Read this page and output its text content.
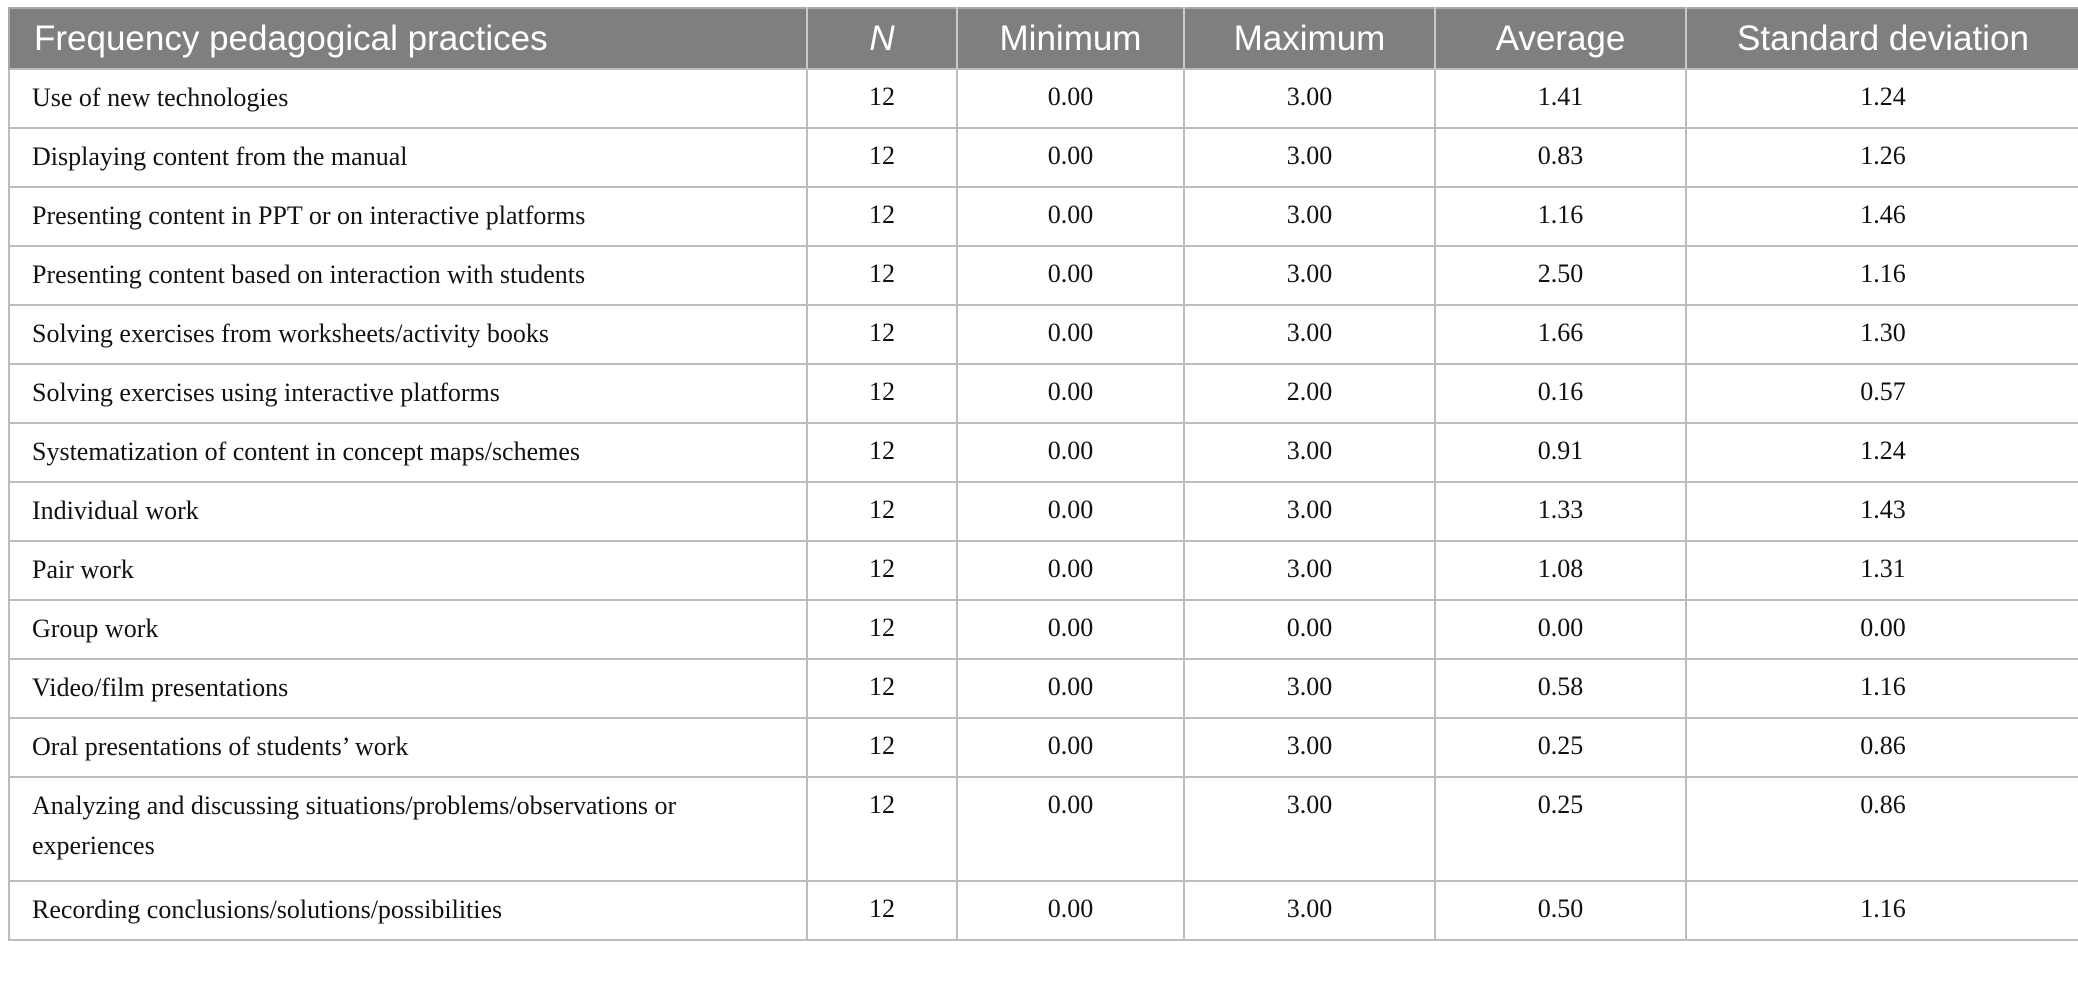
Frequency pedagogical practices	N	Minimum	Maximum	Average	Standard deviation
Use of new technologies	12	0.00	3.00	1.41	1.24
Displaying content from the manual	12	0.00	3.00	0.83	1.26
Presenting content in PPT or on interactive platforms	12	0.00	3.00	1.16	1.46
Presenting content based on interaction with students	12	0.00	3.00	2.50	1.16
Solving exercises from worksheets/activity books	12	0.00	3.00	1.66	1.30
Solving exercises using interactive platforms	12	0.00	2.00	0.16	0.57
Systematization of content in concept maps/schemes	12	0.00	3.00	0.91	1.24
Individual work	12	0.00	3.00	1.33	1.43
Pair work	12	0.00	3.00	1.08	1.31
Group work	12	0.00	0.00	0.00	0.00
Video/film presentations	12	0.00	3.00	0.58	1.16
Oral presentations of students’ work	12	0.00	3.00	0.25	0.86
Analyzing and discussing situations/problems/observations or experiences	12	0.00	3.00	0.25	0.86
Recording conclusions/solutions/possibilities	12	0.00	3.00	0.50	1.16
